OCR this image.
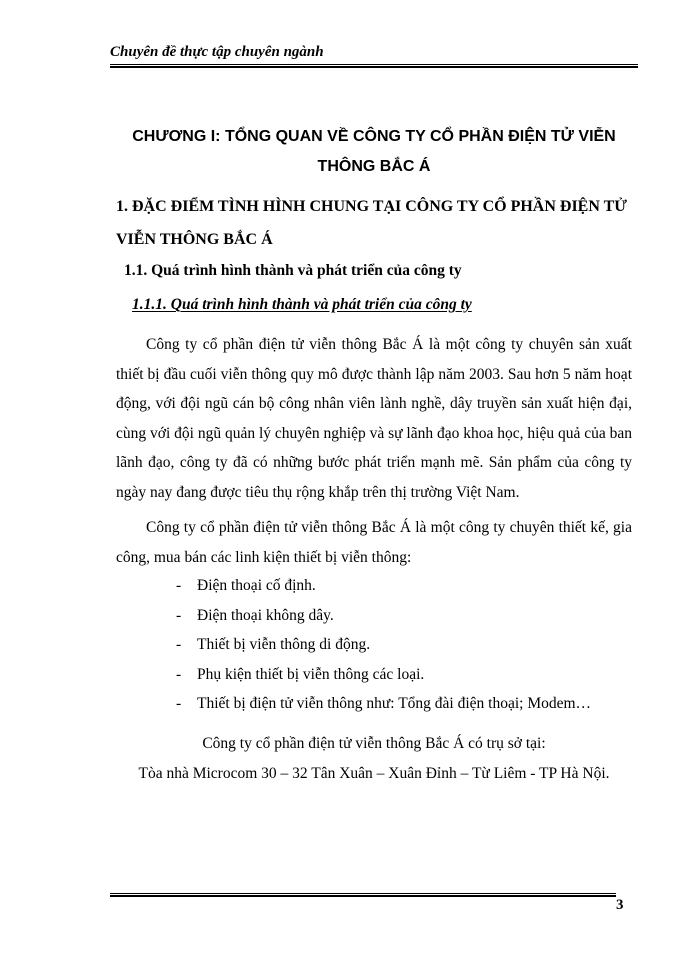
Chuyên đề thực tập chuyên ngành
CHƯƠNG I: TỔNG QUAN VỀ CÔNG TY CỔ PHẦN ĐIỆN TỬ VIỄN
THÔNG BẮC Á
1. ĐẶC ĐIỂM TÌNH HÌNH CHUNG TẠI CÔNG TY CỔ PHẦN ĐIỆN TỬ
VIỄN THÔNG BẮC Á
1.1. Quá trình hình thành và phát triển của công ty
1.1.1. Quá trình hình thành và phát triển của công ty
Công ty cổ phần điện tử viễn thông Bắc Á là một công ty chuyên sản xuất thiết bị đầu cuối viễn thông quy mô được thành lập năm 2003. Sau hơn 5 năm hoạt động, với đội ngũ cán bộ công nhân viên lành nghề, dây truyền sản xuất hiện đại, cùng với đội ngũ quản lý chuyên nghiệp và sự lãnh đạo khoa học, hiệu quả của ban lãnh đạo, công ty đã có những bước phát triển mạnh mẽ. Sản phẩm của công ty ngày nay đang được tiêu thụ rộng khắp trên thị trường Việt Nam.
Công ty cổ phần điện tử viễn thông Bắc Á là một công ty chuyên thiết kế, gia công, mua bán các linh kiện thiết bị viễn thông:
- Điện thoại cố định.
- Điện thoại không dây.
- Thiết bị viễn thông di động.
- Phụ kiện thiết bị viễn thông các loại.
- Thiết bị điện tử viễn thông như: Tổng đài điện thoại; Modem…
Công ty cổ phần điện tử viễn thông Bắc Á có trụ sở tại:
Tòa nhà Microcom 30 – 32 Tân Xuân – Xuân Đỉnh – Từ Liêm - TP Hà Nội.
3
